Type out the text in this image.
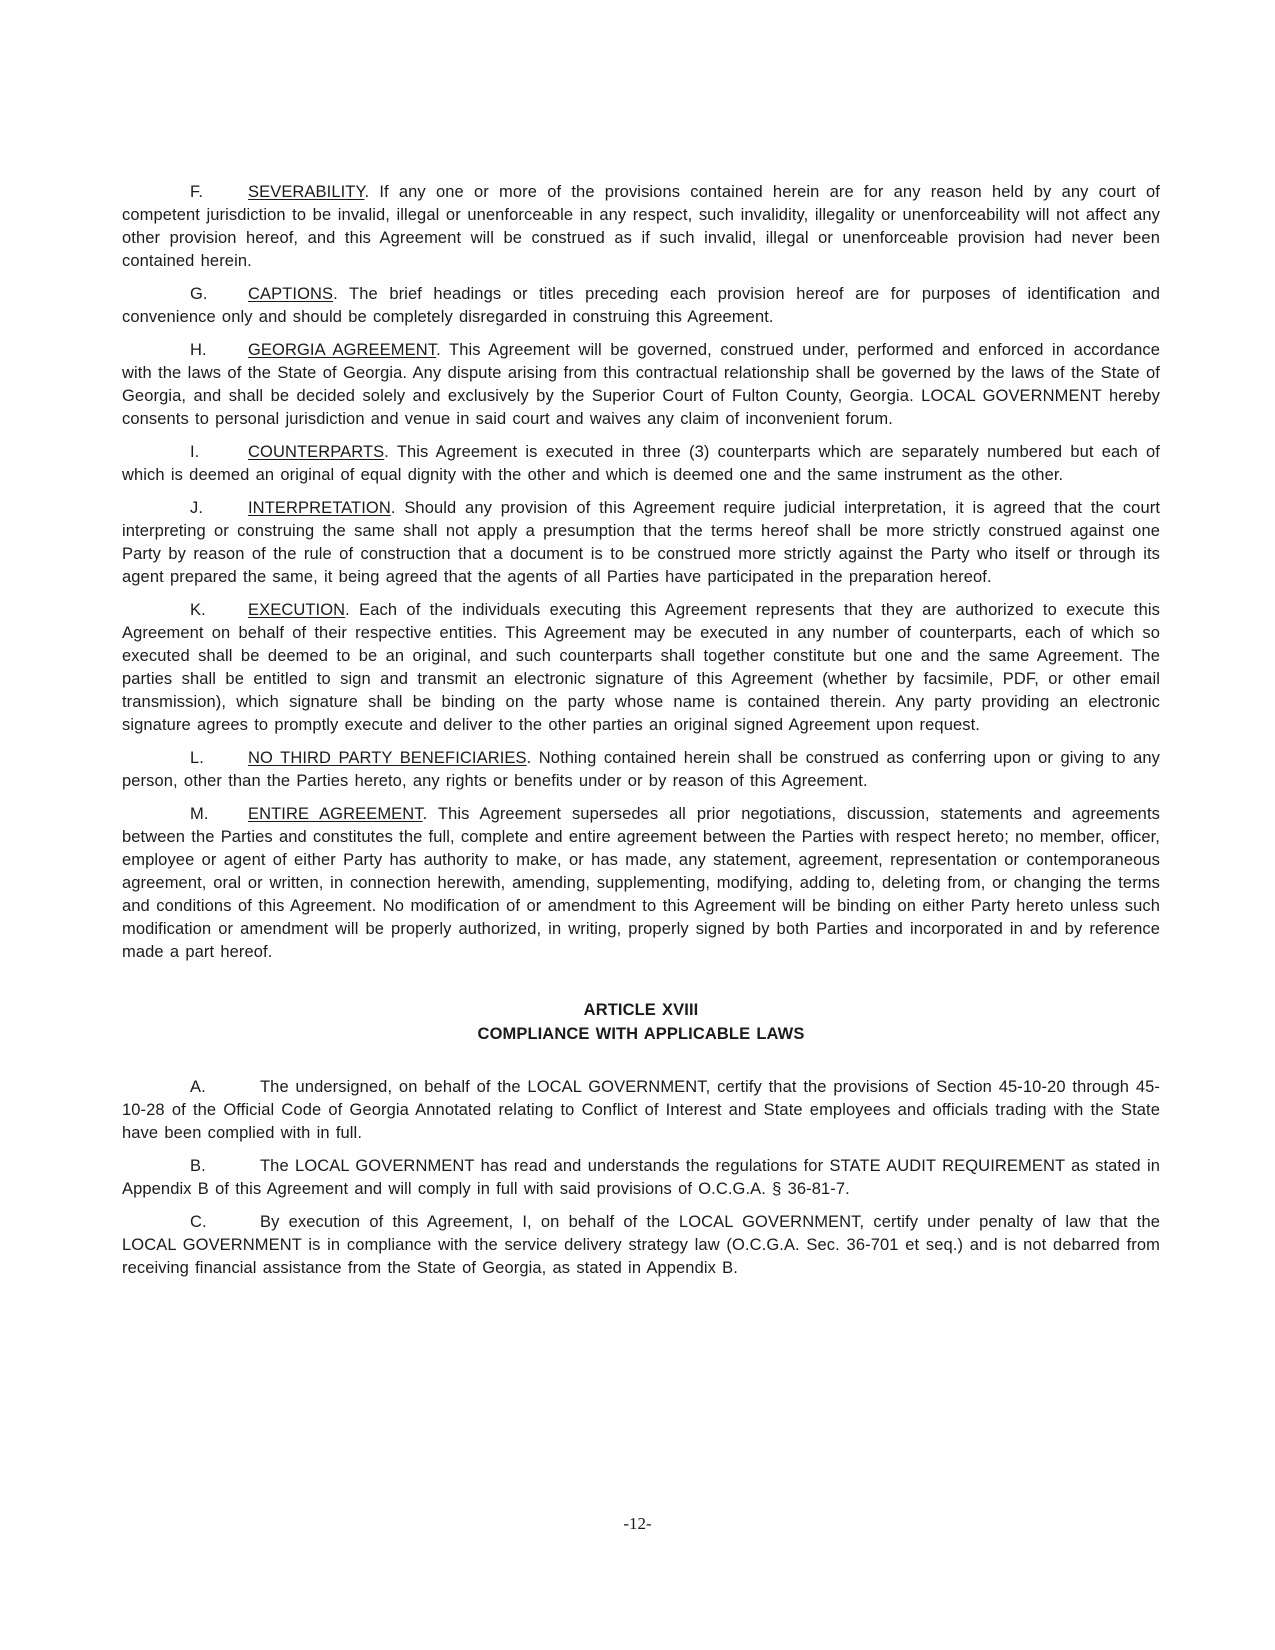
F.	SEVERABILITY. If any one or more of the provisions contained herein are for any reason held by any court of competent jurisdiction to be invalid, illegal or unenforceable in any respect, such invalidity, illegality or unenforceability will not affect any other provision hereof, and this Agreement will be construed as if such invalid, illegal or unenforceable provision had never been contained herein.

G. CAPTIONS. The brief headings or titles preceding each provision hereof are for purposes of identification and convenience only and should be completely disregarded in construing this Agreement.

H.	GEORGIA AGREEMENT. This Agreement will be governed, construed under, performed and enforced in accordance with the laws of the State of Georgia. Any dispute arising from this contractual relationship shall be governed by the laws of the State of Georgia, and shall be decided solely and exclusively by the Superior Court of Fulton County, Georgia. LOCAL GOVERNMENT hereby consents to personal jurisdiction and venue in said court and waives any claim of inconvenient forum.

I.	COUNTERPARTS. This Agreement is executed in three (3) counterparts which are separately numbered but each of which is deemed an original of equal dignity with the other and which is deemed one and the same instrument as the other.

J.	INTERPRETATION. Should any provision of this Agreement require judicial interpretation, it is agreed that the court interpreting or construing the same shall not apply a presumption that the terms hereof shall be more strictly construed against one Party by reason of the rule of construction that a document is to be construed more strictly against the Party who itself or through its agent prepared the same, it being agreed that the agents of all Parties have participated in the preparation hereof.

K.	EXECUTION. Each of the individuals executing this Agreement represents that they are authorized to execute this Agreement on behalf of their respective entities. This Agreement may be executed in any number of counterparts, each of which so executed shall be deemed to be an original, and such counterparts shall together constitute but one and the same Agreement. The parties shall be entitled to sign and transmit an electronic signature of this Agreement (whether by facsimile, PDF, or other email transmission), which signature shall be binding on the party whose name is contained therein. Any party providing an electronic signature agrees to promptly execute and deliver to the other parties an original signed Agreement upon request.

L.	NO THIRD PARTY BENEFICIARIES. Nothing contained herein shall be construed as conferring upon or giving to any person, other than the Parties hereto, any rights or benefits under or by reason of this Agreement.

M. ENTIRE AGREEMENT. This Agreement supersedes all prior negotiations, discussion, statements and agreements between the Parties and constitutes the full, complete and entire agreement between the Parties with respect hereto; no member, officer, employee or agent of either Party has authority to make, or has made, any statement, agreement, representation or contemporaneous agreement, oral or written, in connection herewith, amending, supplementing, modifying, adding to, deleting from, or changing the terms and conditions of this Agreement. No modification of or amendment to this Agreement will be binding on either Party hereto unless such modification or amendment will be properly authorized, in writing, properly signed by both Parties and incorporated in and by reference made a part hereof.

ARTICLE XVIII

COMPLIANCE WITH APPLICABLE LAWS

A.	The undersigned, on behalf of the LOCAL GOVERNMENT, certify that the provisions of Section 45-10-20 through 45-10-28 of the Official Code of Georgia Annotated relating to Conflict of Interest and State employees and officials trading with the State have been complied with in full.

B.	The LOCAL GOVERNMENT has read and understands the regulations for STATE AUDIT REQUIREMENT as stated in Appendix B of this Agreement and will comply in full with said provisions of O.C.G.A. § 36-81-7.

C.	By execution of this Agreement, I, on behalf of the LOCAL GOVERNMENT, certify under penalty of law that the LOCAL GOVERNMENT is in compliance with the service delivery strategy law (O.C.G.A. Sec. 36-701 et seq.) and is not debarred from receiving financial assistance from the State of Georgia, as stated in Appendix B.

-12-
